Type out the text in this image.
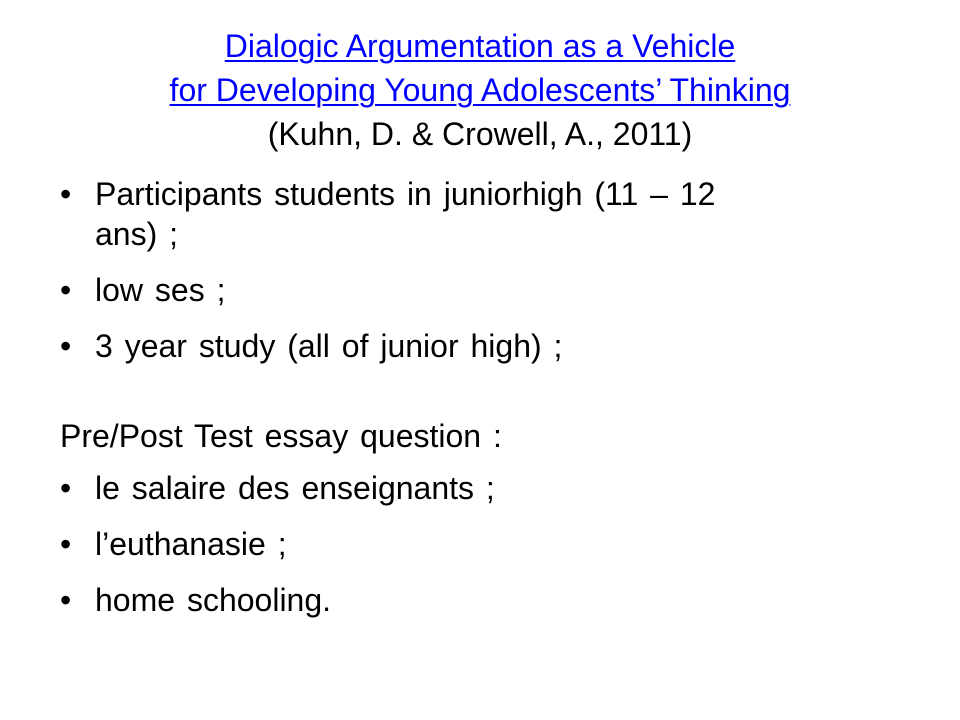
Dialogic Argumentation as a Vehicle
for Developing Young Adolescents’ Thinking
(Kuhn, D. & Crowell, A., 2011)
• Participants students in juniorhigh (11 – 12 ans) ;
• low ses ;
• 3 year study (all of junior high) ;
Pre/Post Test essay question :
• le salaire des enseignants ;
• l’euthanasie ;
• home schooling.
